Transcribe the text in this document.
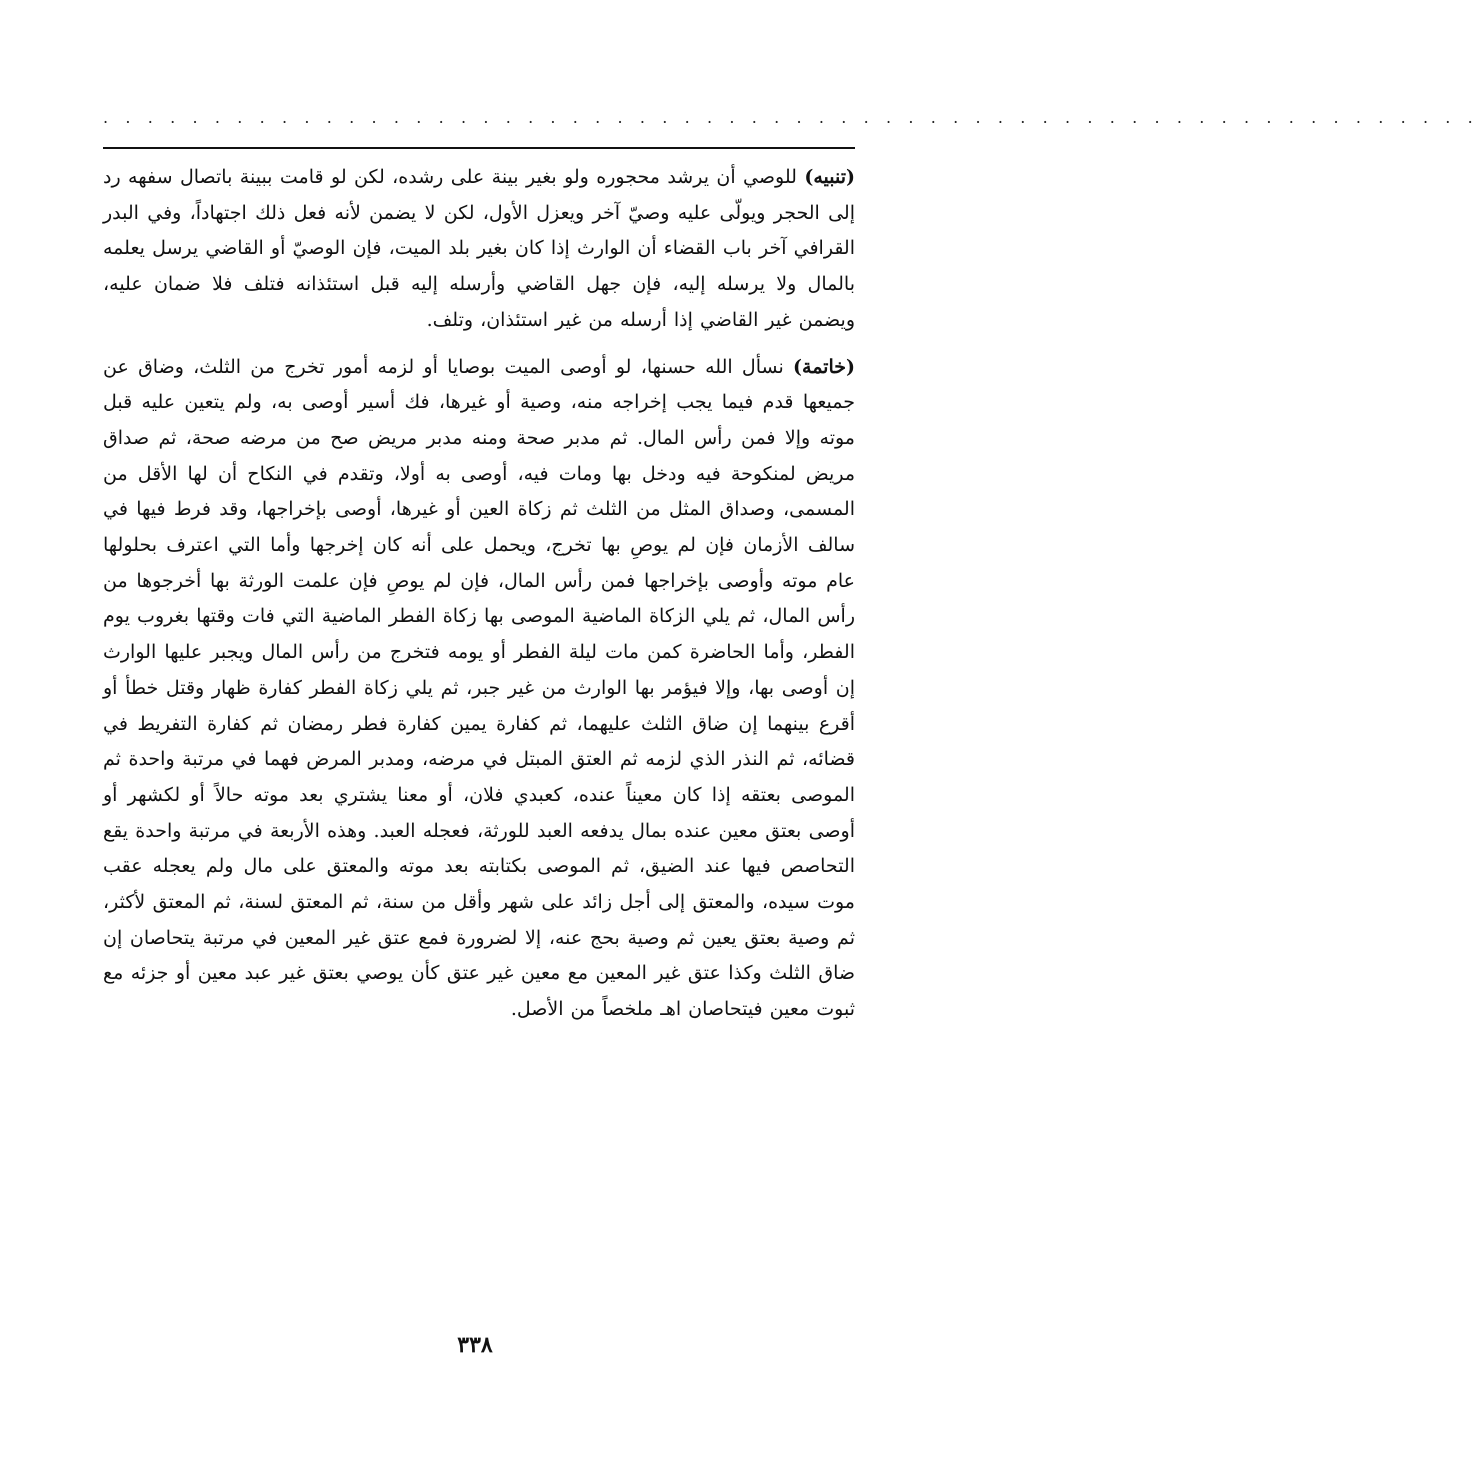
. . . . . . . . . . . . . . . . . . . . . . . . . . . . . . . . . . . . . . . . . . . . . . . . . . . . . . . . . . . . . .

(تنبيه) للوصي أن يرشد محجوره ولو بغير بينة على رشده، لكن لو قامت ببينة باتصال سفهه رد إلى الحجر ويولّى عليه وصيّ آخر ويعزل الأول، لكن لا يضمن لأنه فعل ذلك اجتهاداً، وفي البدر القرافي آخر باب القضاء أن الوارث إذا كان بغير بلد الميت، فإن الوصيّ أو القاضي يرسل يعلمه بالمال ولا يرسله إليه، فإن جهل القاضي وأرسله إليه قبل استئذانه فتلف فلا ضمان عليه، ويضمن غير القاضي إذا أرسله من غير استئذان، وتلف.

(خاتمة) نسأل الله حسنها، لو أوصى الميت بوصايا أو لزمه أمور تخرج من الثلث، وضاق عن جميعها قدم فيما يجب إخراجه منه، وصية أو غيرها، فك أسير أوصى به، ولم يتعين عليه قبل موته وإلا فمن رأس المال. ثم مدبر صحة ومنه مدبر مريض صح من مرضه صحة، ثم صداق مريض لمنكوحة فيه ودخل بها ومات فيه، أوصى به أولا، وتقدم في النكاح أن لها الأقل من المسمى، وصداق المثل من الثلث ثم زكاة العين أو غيرها، أوصى بإخراجها، وقد فرط فيها في سالف الأزمان فإن لم يوصِ بها تخرج، ويحمل على أنه كان إخرجها وأما التي اعترف بحلولها عام موته وأوصى بإخراجها فمن رأس المال، فإن لم يوصِ فإن علمت الورثة بها أخرجوها من رأس المال، ثم يلي الزكاة الماضية الموصى بها زكاة الفطر الماضية التي فات وقتها بغروب يوم الفطر، وأما الحاضرة كمن مات ليلة الفطر أو يومه فتخرج من رأس المال ويجبر عليها الوارث إن أوصى بها، وإلا فيؤمر بها الوارث من غير جبر، ثم يلي زكاة الفطر كفارة ظهار وقتل خطأ أو أقرع بينهما إن ضاق الثلث عليهما، ثم كفارة يمين كفارة فطر رمضان ثم كفارة التفريط في قضائه، ثم النذر الذي لزمه ثم العتق المبتل في مرضه، ومدبر المرض فهما في مرتبة واحدة ثم الموصى بعتقه إذا كان معيناً عنده، كعبدي فلان، أو معنا يشتري بعد موته حالاً أو لكشهر أو أوصى بعتق معين عنده بمال يدفعه العبد للورثة، فعجله العبد. وهذه الأربعة في مرتبة واحدة يقع التحاصص فيها عند الضيق، ثم الموصى بكتابته بعد موته والمعتق على مال ولم يعجله عقب موت سيده، والمعتق إلى أجل زائد على شهر وأقل من سنة، ثم المعتق لسنة، ثم المعتق لأكثر، ثم وصية بعتق يعين ثم وصية بحج عنه، إلا لضرورة فمع عتق غير المعين في مرتبة يتحاصان إن ضاق الثلث وكذا عتق غير المعين مع معين غير عتق كأن يوصي بعتق غير عبد معين أو جزئه مع ثبوت معين فيتحاصان اهـ ملخصاً من الأصل.

٣٣٨
